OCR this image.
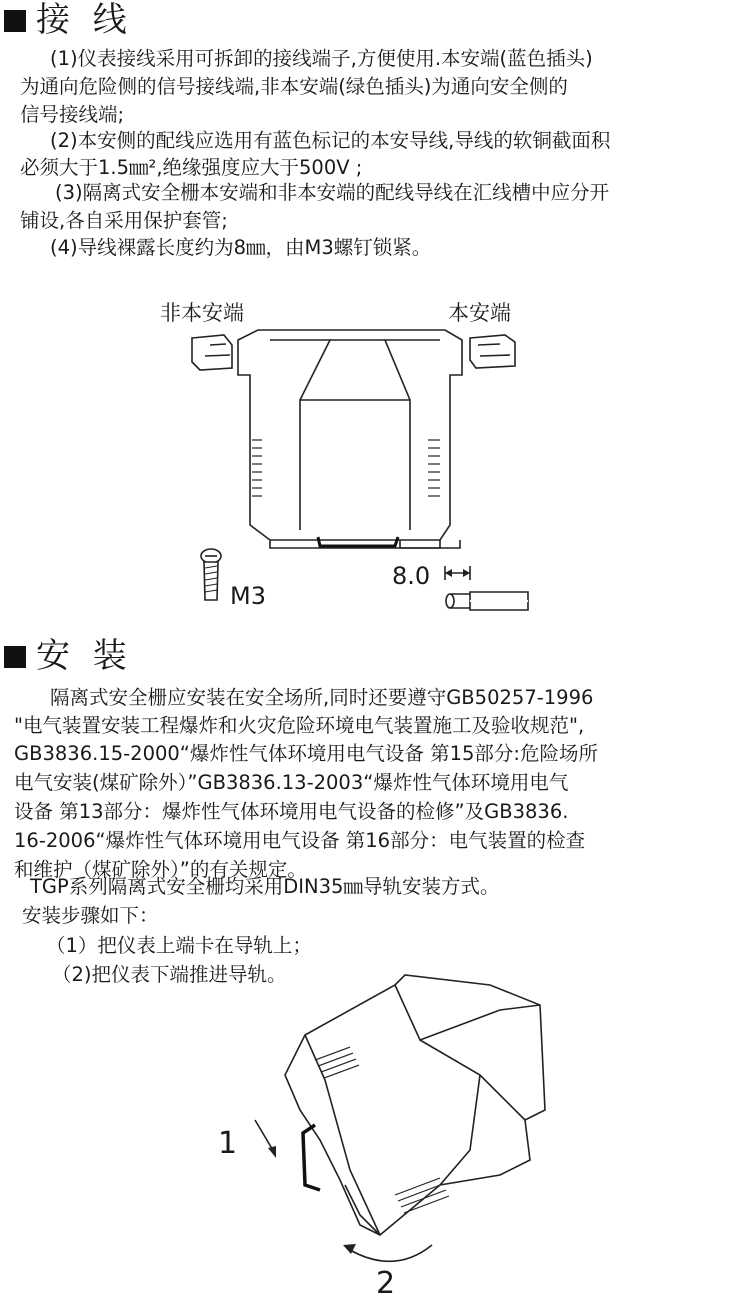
接 线
(1)仪表接线采用可拆卸的接线端子,方便使用.本安端(蓝色插头)
为通向危险侧的信号接线端,非本安端(绿色插头)为通向安全侧的
信号接线端;
(2)本安侧的配线应选用有蓝色标记的本安导线,导线的软铜截面积
必须大于1.5㎜²,绝缘强度应大于500V ;
(3)隔离式安全栅本安端和非本安端的配线导线在汇线槽中应分开
铺设,各自采用保护套管;
(4)导线裸露长度约为8㎜，由M3螺钉锁紧。
非本安端	本安端
M3
8.0
安 装
隔离式安全栅应安装在安全场所,同时还要遵守GB50257-1996
"电气装置安装工程爆炸和火灾危险环境电气装置施工及验收规范",
GB3836.15-2000“爆炸性气体环境用电气设备 第15部分:危险场所
电气安装(煤矿除外）”GB3836.13-2003“爆炸性气体环境用电气
设备 第13部分：爆炸性气体环境用电气设备的检修”及GB3836.
16-2006“爆炸性气体环境用电气设备 第16部分：电气装置的检查
和维护（煤矿除外）”的有关规定。
TGP系列隔离式安全栅均采用DIN35㎜导轨安装方式。
安装步骤如下：
（1）把仪表上端卡在导轨上；
（2)把仪表下端推进导轨。
1
2
